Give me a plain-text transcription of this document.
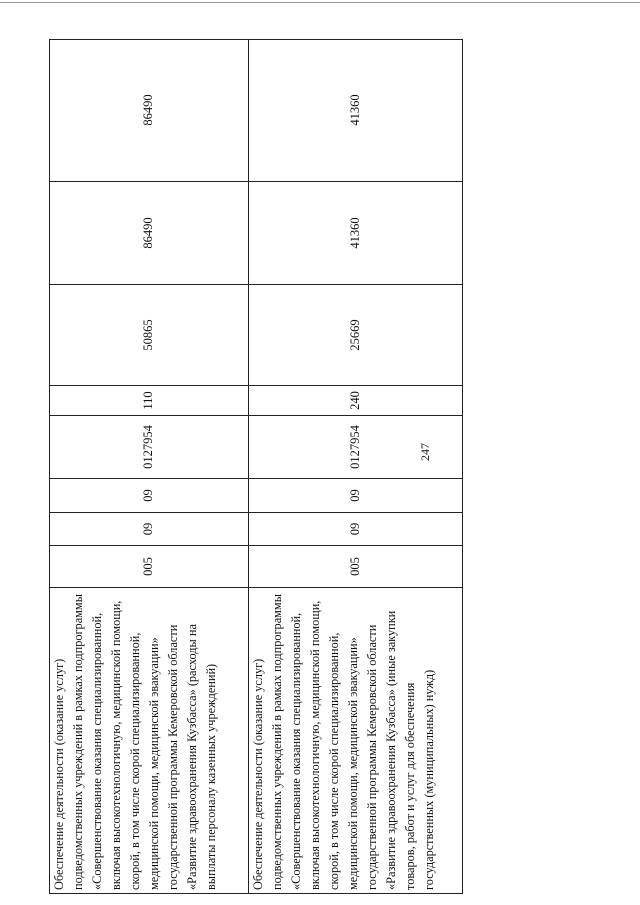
247
Обеспечение деятельности (оказание услуг) подведомственных учреждений в рамках подпрограммы «Совершенствование оказания специализированной, включая высокотехнологичную, медицинской помощи, скорой, в том числе скорой специализированной, медицинской помощи, медицинской эвакуации» государственной программы Кемеровской области «Развитие здравоохранения Кузбасса» (расходы на выплаты персоналу казенных учреждений)
005
09
09
0127954
110
50865
86490
86490
Обеспечение деятельности (оказание услуг) подведомственных учреждений в рамках подпрограммы «Совершенствование оказания специализированной, включая высокотехнологичную, медицинской помощи, скорой, в том числе скорой специализированной, медицинской помощи, медицинской эвакуации» государственной программы Кемеровской области «Развитие здравоохранения Кузбасса» (иные закупки товаров, работ и услуг для обеспечения государственных (муниципальных) нужд)
005
09
09
0127954
240
25669
41360
41360
